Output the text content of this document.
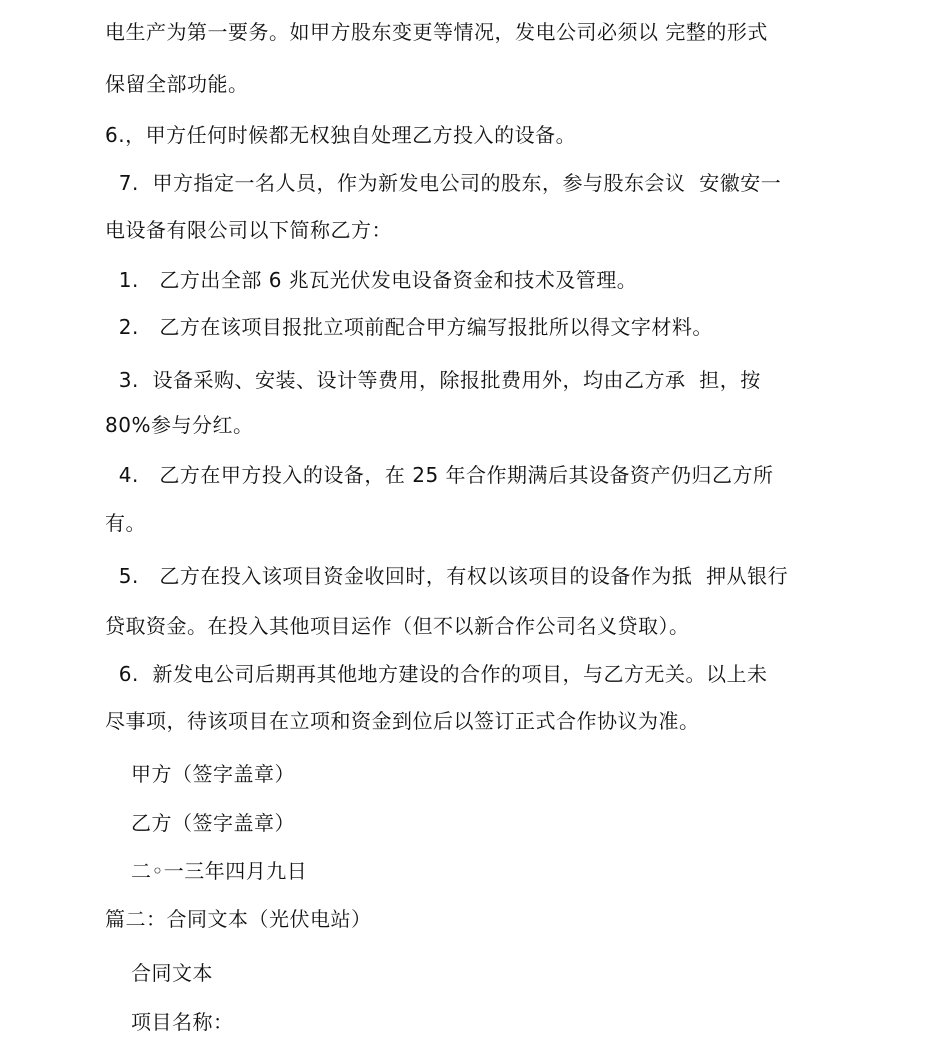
电生产为第一要务。如甲方股东变更等情况，发电公司必须以 完整的形式
保留全部功能。
6.，甲方任何时候都无权独自处理乙方投入的设备。
7.  甲方指定一名人员，作为新发电公司的股东，参与股东会议  安徽安一
电设备有限公司以下简称乙方：
1.   乙方出全部 6 兆瓦光伏发电设备资金和技术及管理。
2.   乙方在该项目报批立项前配合甲方编写报批所以得文字材料。
3.  设备采购、安装、设计等费用，除报批费用外，均由乙方承  担，按
80%参与分红。
4.   乙方在甲方投入的设备，在 25 年合作期满后其设备资产仍归乙方所
有。
5.   乙方在投入该项目资金收回时，有权以该项目的设备作为抵  押从银行
贷取资金。在投入其他项目运作（但不以新合作公司名义贷取）。
6.  新发电公司后期再其他地方建设的合作的项目，与乙方无关。以上未
尽事项，待该项目在立项和资金到位后以签订正式合作协议为准。
甲方（签字盖章）
乙方（签字盖章）
二◦一三年四月九日
篇二：合同文本（光伏电站）
合同文本
项目名称：
